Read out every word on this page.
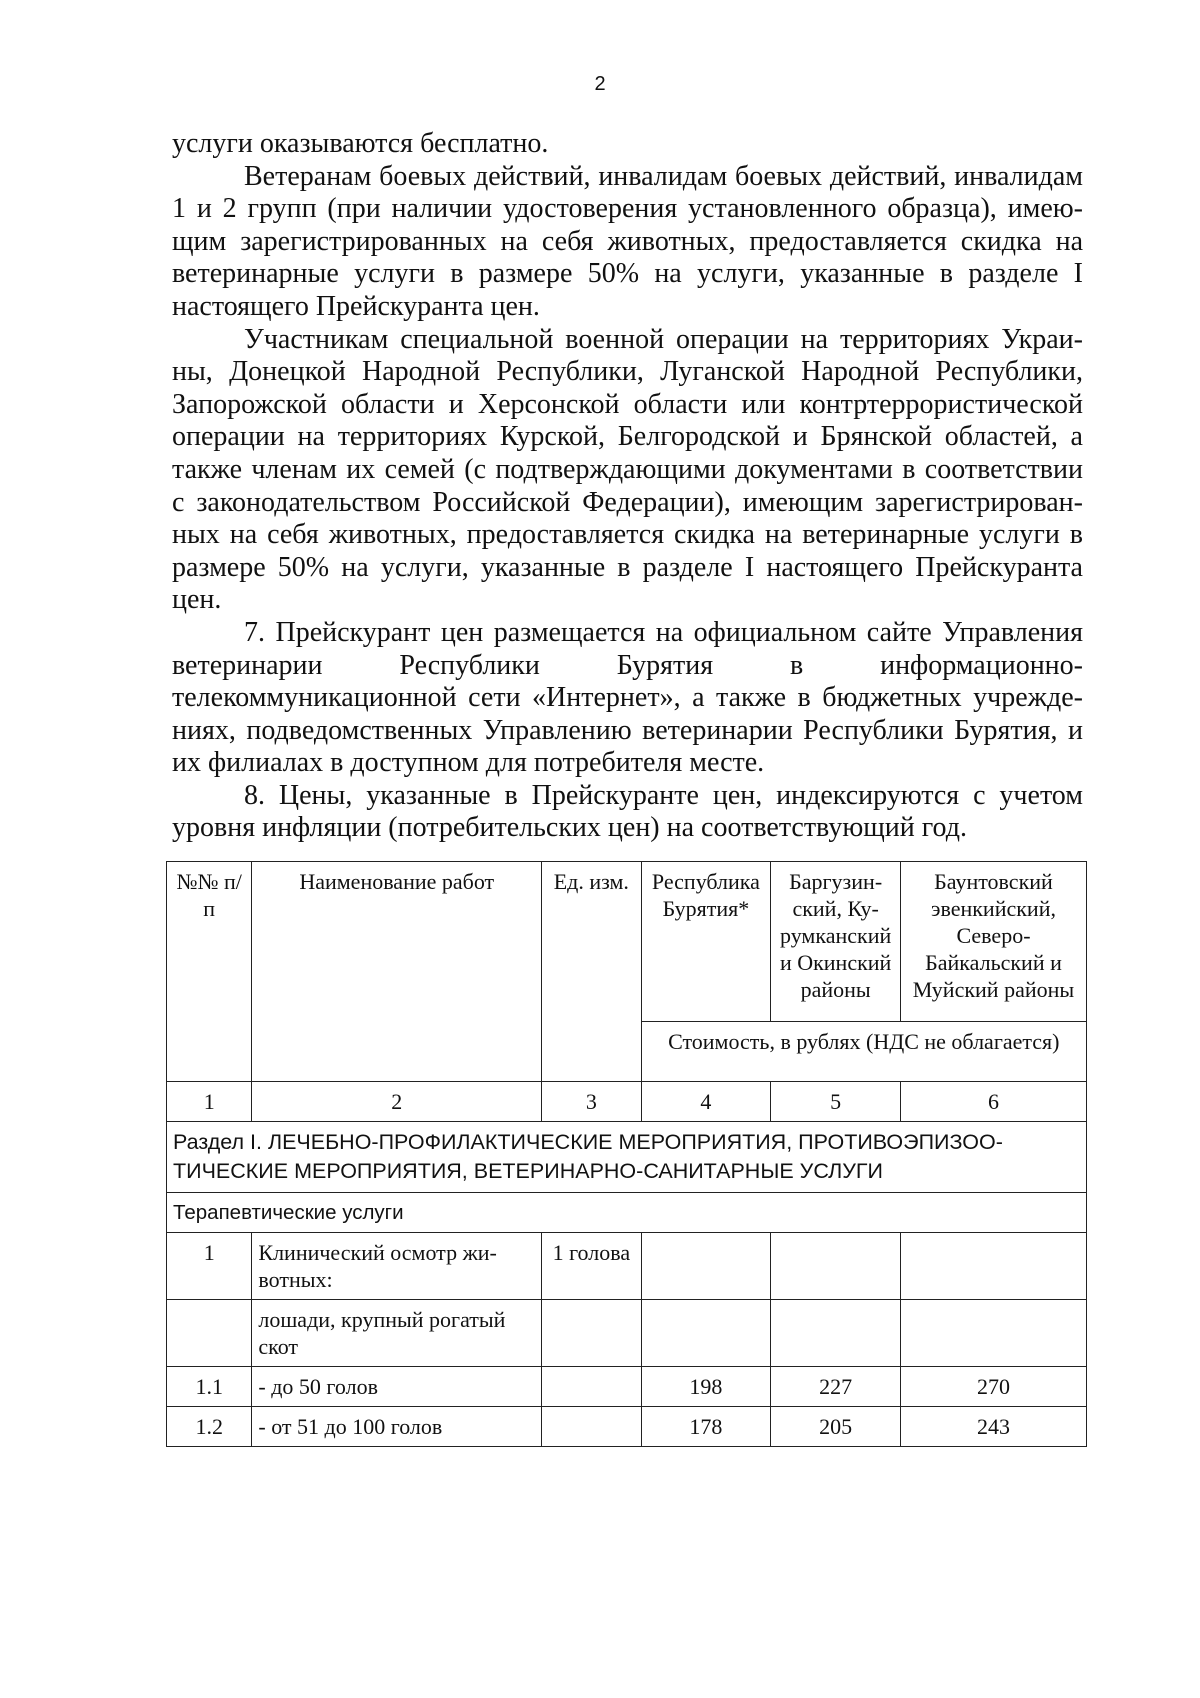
2

услуги оказываются бесплатно.

Ветеранам боевых действий, инвалидам боевых действий, инвалидам 1 и 2 групп (при наличии удостоверения установленного образца), имеющим зарегистрированных на себя животных, предоставляется скидка на ветеринарные услуги в размере 50% на услуги, указанные в разделе I настоящего Прейскуранта цен.

Участникам специальной военной операции на территориях Украины, Донецкой Народной Республики, Луганской Народной Республики, Запорожской области и Херсонской области или контртеррористической операции на территориях Курской, Белгородской и Брянской областей, а также членам их семей (с подтверждающими документами в соответствии с законодательством Российской Федерации), имеющим зарегистрированных на себя животных, предоставляется скидка на ветеринарные услуги в размере 50% на услуги, указанные в разделе I настоящего Прейскуранта цен.

7. Прейскурант цен размещается на официальном сайте Управления ветеринарии Республики Бурятия в информационно-телекоммуникационной сети «Интернет», а также в бюджетных учреждениях, подведомственных Управлению ветеринарии Республики Бурятия, и их филиалах в доступном для потребителя месте.

8. Цены, указанные в Прейскуранте цен, индексируются с учетом уровня инфляции (потребительских цен) на соответствующий год.

№№ п/п	Наименование работ	Ед. изм.	Республика Бурятия*	Баргузинский, Курумканский и Окинский районы	Баунтовский эвенкийский, Северо-Байкальский и Муйский районы
			Стоимость, в рублях (НДС не облагается)		
1	2	3	4	5	6
Раздел I. ЛЕЧЕБНО-ПРОФИЛАКТИЧЕСКИЕ МЕРОПРИЯТИЯ, ПРОТИВОЭПИЗООТИЧЕСКИЕ МЕРОПРИЯТИЯ, ВЕТЕРИНАРНО-САНИТАРНЫЕ УСЛУГИ					
Терапевтические услуги					
1	Клинический осмотр животных:	1 голова			
	лошади, крупный рогатый скот				
1.1	- до 50 голов		198	227	270
1.2	- от 51 до 100 голов		178	205	243
